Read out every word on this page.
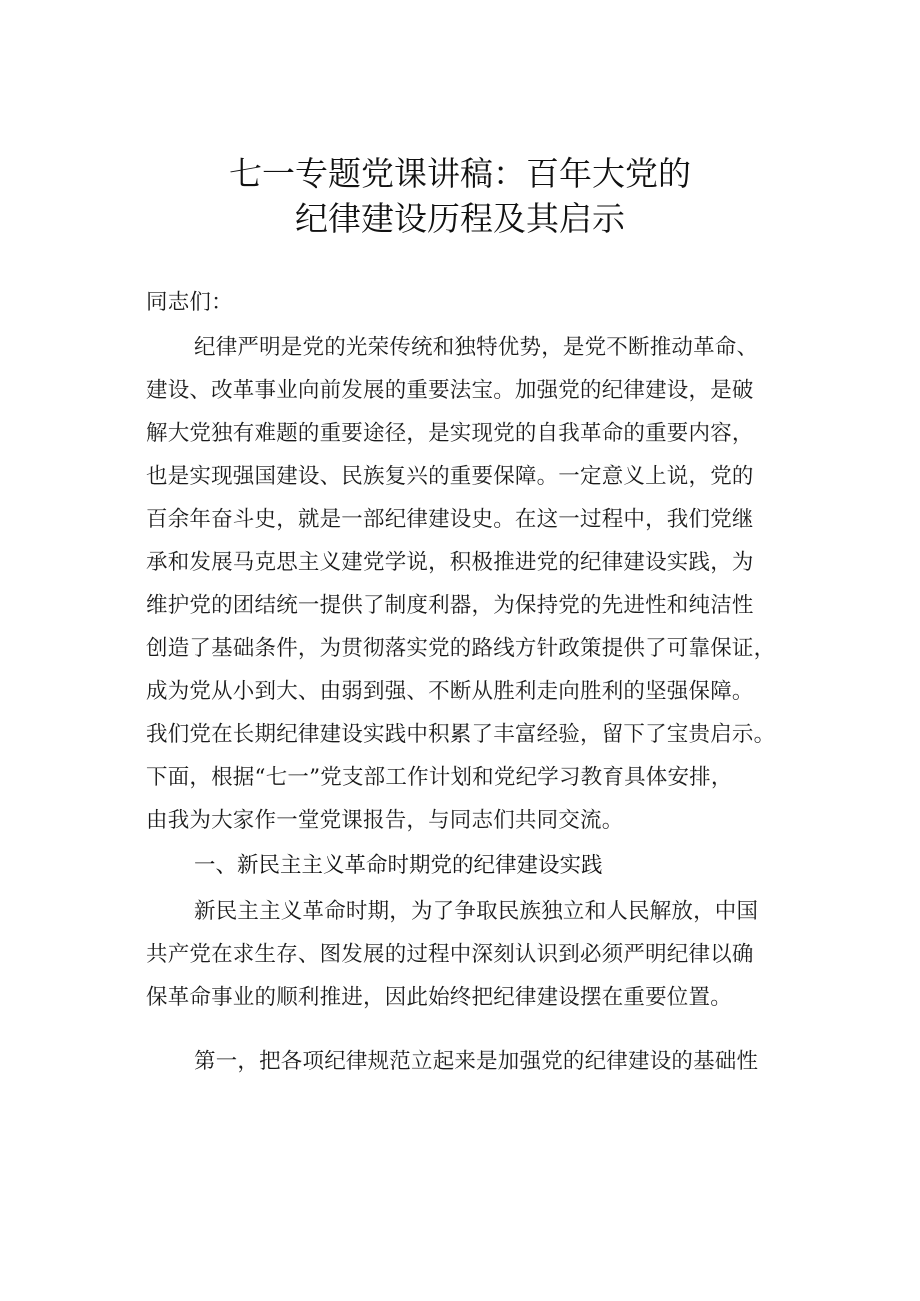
七一专题党课讲稿：百年大党的
纪律建设历程及其启示
同志们：
纪律严明是党的光荣传统和独特优势，是党不断推动革命、
建设、改革事业向前发展的重要法宝。加强党的纪律建设，是破
解大党独有难题的重要途径，是实现党的自我革命的重要内容，
也是实现强国建设、民族复兴的重要保障。一定意义上说，党的
百余年奋斗史，就是一部纪律建设史。在这一过程中，我们党继
承和发展马克思主义建党学说，积极推进党的纪律建设实践，为
维护党的团结统一提供了制度利器，为保持党的先进性和纯洁性
创造了基础条件，为贯彻落实党的路线方针政策提供了可靠保证，
成为党从小到大、由弱到强、不断从胜利走向胜利的坚强保障。
我们党在长期纪律建设实践中积累了丰富经验，留下了宝贵启示。
下面，根据“七一”党支部工作计划和党纪学习教育具体安排，
由我为大家作一堂党课报告，与同志们共同交流。
一、新民主主义革命时期党的纪律建设实践
新民主主义革命时期，为了争取民族独立和人民解放，中国
共产党在求生存、图发展的过程中深刻认识到必须严明纪律以确
保革命事业的顺利推进，因此始终把纪律建设摆在重要位置。
第一，把各项纪律规范立起来是加强党的纪律建设的基础性
